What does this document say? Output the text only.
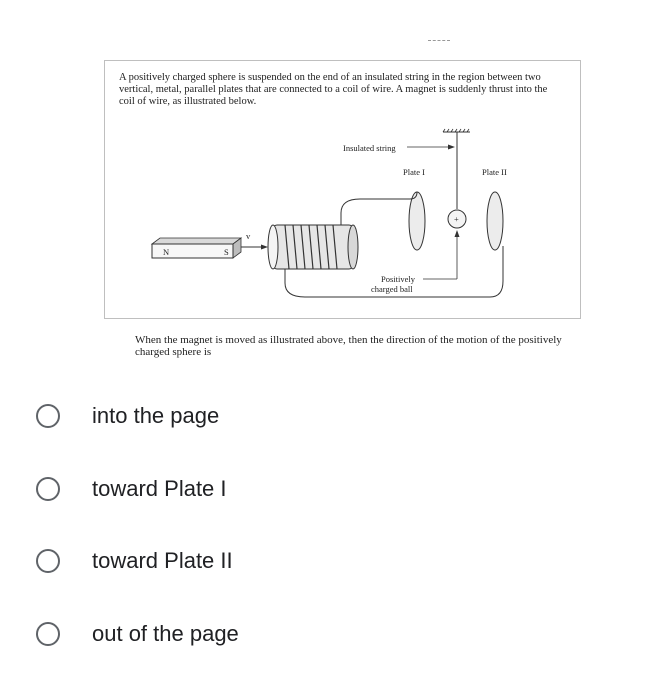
A positively charged sphere is suspended on the end of an insulated string in the region between two vertical, metal, parallel plates that are connected to a coil of wire. A magnet is suddenly thrust into the coil of wire, as illustrated below.

Insulated string
Plate I	Plate II
+
Positively
charged ball
N	S
v

When the magnet is moved as illustrated above, then the direction of the motion of the positively charged sphere is

into the page
toward Plate I
toward Plate II
out of the page
